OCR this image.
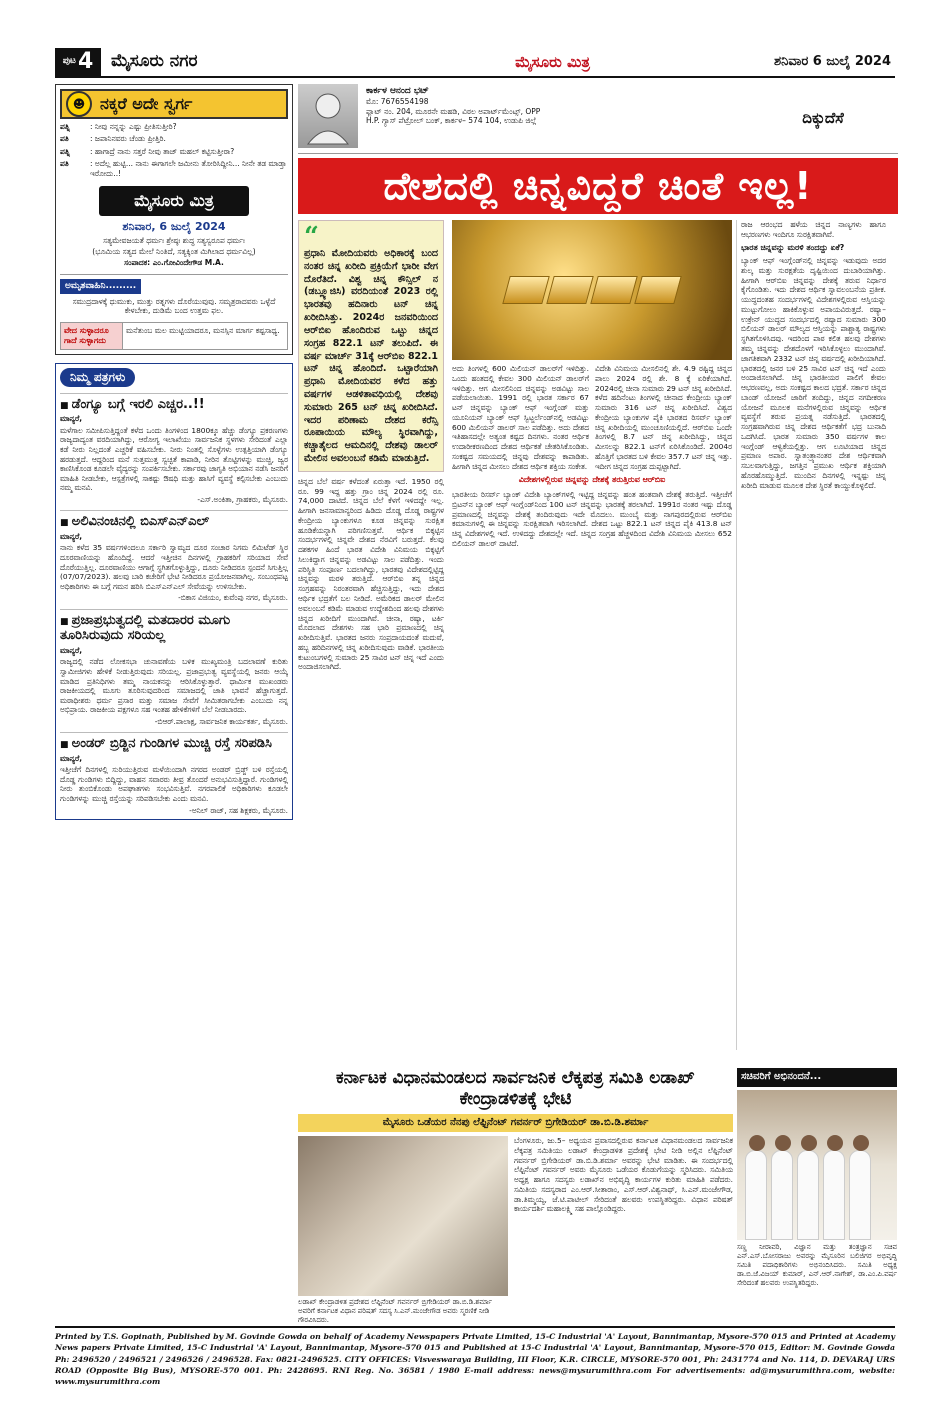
ಪುಟ 4 ಮೈಸೂರು ನಗರ	ಮೈಸೂರು ಮಿತ್ರ	ಶನಿವಾರ 6 ಜುಲೈ 2024
☻ ನಕ್ಕರೆ ಅದೇ ಸ್ವರ್ಗ
ಪತ್ನಿ	: ನೀವು ನನ್ನನ್ನು ಎಷ್ಟು ಪ್ರೀತಿಸುತ್ತೀರಿ?
ಪತಿ	: ಜಪಾನಿನವರು ಚೆಂಡು ಪ್ರೀತ್ತಿರಿ.
ಪತ್ನಿ	: ಹಾಗಾದ್ರೆ ನಾನು ಸತ್ತರೆ ನೀವು ತಾಜ್ ಮಹಲ್ ಕಟ್ಟಿಸುತ್ತೀರಾ?
ಪತಿ	: ಅದೆಲ್ಲ ಹುಟ್ಟಿ... ನಾನು ಈಗಾಗಲೇ ಜಮೀನು ತೋರಿಸಿದ್ದೀನಿ... ನೀನೇ ತಡ ಮಾಡ್ತಾ ಇರೋದು..!
ಮೈಸೂರು ಮಿತ್ರ
ಶನಿವಾರ, 6 ಜುಲೈ 2024
ಸತ್ಯಮೇವಜಯತೆ ಧರ್ಮಃ ಶ್ರೇಷ್ಠಃ ಶುದ್ಧ ಸತ್ಯಸ್ವರೂಪ ಧರ್ಮಃ
(ಭೂಮಿಯ ಸತ್ಯದ ಮೇಲೆ ನಿಂತಿದೆ, ಸತ್ಯಕ್ಕಿಂತ ಮಿಗಿಲಾದ ಧರ್ಮವಿಲ್ಲ)
ಸಂಪಾದಕ: ಎಂ.ಗೋವಿಂದೇಗೌಡ M.A.
ಅಮೃತವಾಹಿನಿ.........
ಸಮುದ್ರದಾಳಕ್ಕೆ ಧುಮುಕು, ಮುತ್ತು ರತ್ನಗಳು ದೊರೆಯುವುವು. ಸಮೃತ್ರರಾದವರು ಒಳ್ಳೆದೆ ಕೇಳಬೇಕು, ದುಡಿಮೆ ಬಂದ ಉತ್ತಮ ಫಲ.
ವೇದ ಸುಳ್ಳಾದರೂ ಗಾದೆ ಸುಳ್ಳಾಗದು
ಮನೆತುಂಬ ಮಲ ಮುಟ್ಟಿಯಾದರೂ, ಮನಸ್ಸಿನ ಮಾರ್ಗ ಕಷ್ಟಸಾಧ್ಯ.
ನಿಮ್ಮ ಪತ್ರಗಳು
■ ಡೆಂಗ್ಯೂ ಬಗ್ಗೆ ಇರಲಿ ಎಚ್ಚರ..!!
ಮಾನ್ಯರೆ,
ಮಳೆಗಾಲ ಸಮೀಪಿಸುತ್ತಿದ್ದಂತೆ ಕಳೆದ ಒಂದು ತಿಂಗಳಿಂದ 1800ಕ್ಕೂ ಹೆಚ್ಚು ಡೆಂಗ್ಯೂ ಪ್ರಕರಣಗಳು ರಾಜ್ಯದಾದ್ಯಂತ ವರದಿಯಾಗಿದ್ದು, ಆರೋಗ್ಯ ಇಲಾಖೆಯು ಸಾರ್ವಜನಿಕ ಸ್ಥಳಗಳು ಸೇರಿದಂತೆ ಎಲ್ಲಾ ಕಡೆ ನೀರು ನಿಲ್ಲದಂತೆ ಎಚ್ಚರಿಕೆ ವಹಿಸಬೇಕು. ನೀರು ನಿಂತಲ್ಲಿ ಸೊಳ್ಳೆಗಳು ಉತ್ಪತ್ತಿಯಾಗಿ ಡೆಂಗ್ಯೂ ಹರಡುತ್ತದೆ. ಆದ್ದರಿಂದ ಮನೆ ಸುತ್ತಮುತ್ತ ಸ್ವಚ್ಛತೆ ಕಾಪಾಡಿ, ನೀರಿನ ತೊಟ್ಟಿಗಳನ್ನು ಮುಚ್ಚಿ, ಜ್ವರ ಕಾಣಿಸಿಕೊಂಡ ಕೂಡಲೇ ವೈದ್ಯರನ್ನು ಸಂಪರ್ಕಿಸಬೇಕು. ಸರ್ಕಾರವು ಜಾಗೃತಿ ಅಭಿಯಾನ ನಡೆಸಿ ಜನರಿಗೆ ಮಾಹಿತಿ ನೀಡಬೇಕು, ಆಸ್ಪತ್ರೆಗಳಲ್ಲಿ ಸಾಕಷ್ಟು ಔಷಧಿ ಮತ್ತು ಹಾಸಿಗೆ ವ್ಯವಸ್ಥೆ ಕಲ್ಪಿಸಬೇಕು ಎಂಬುದು ನಮ್ಮ ಮನವಿ.
-ಎಸ್.ಅಂಕಿತಾ, ಗ್ರಾಹಕರು, ಮೈಸೂರು.
■ ಅಲಿವಿನಂಚಿನಲ್ಲಿ ಬಿಎಸ್‌ಎನ್‌ಎಲ್
ಮಾನ್ಯರೆ,
ನಾನು ಕಳೆದ 35 ವರ್ಷಗಳಿಂದಲೂ ಸರ್ಕಾರಿ ಸ್ವಾಮ್ಯದ ದೂರ ಸಂಚಾರ ನಿಗಮ ಲಿಮಿಟೆಡ್ ಸ್ಥಿರ ದೂರವಾಣಿಯನ್ನು ಹೊಂದಿದ್ದೆ. ಆದರೆ ಇತ್ತೀಚಿನ ದಿನಗಳಲ್ಲಿ ಗ್ರಾಹಕರಿಗೆ ಸರಿಯಾದ ಸೇವೆ ದೊರೆಯುತ್ತಿಲ್ಲ. ದೂರವಾಣಿಯು ಆಗಾಗ್ಗೆ ಸ್ಥಗಿತಗೊಳ್ಳುತ್ತಿದ್ದು, ದೂರು ನೀಡಿದರೂ ಸ್ಪಂದನೆ ಸಿಗುತ್ತಿಲ್ಲ (07/07/2023). ಹಲವು ಬಾರಿ ಕಚೇರಿಗೆ ಭೇಟಿ ನೀಡಿದರೂ ಪ್ರಯೋಜನವಾಗಿಲ್ಲ. ಸಂಬಂಧಪಟ್ಟ ಅಧಿಕಾರಿಗಳು ಈ ಬಗ್ಗೆ ಗಮನ ಹರಿಸಿ ಬಿಎಸ್‌ಎನ್‌ಎಲ್ ಸೇವೆಯನ್ನು ಉಳಿಸಬೇಕು.
-ಬಿಕಾಸ ವಿಜಿಯಂ, ಕುವೆಂಪು ನಗರ, ಮೈಸೂರು.
■ ಪ್ರಜಾಪ್ರಭುತ್ವದಲ್ಲಿ ಮತದಾರರ ಮೂಗು ತೂರಿಸಿರುವುದು ಸರಿಯಲ್ಲ
ಮಾನ್ಯರೆ,
ರಾಜ್ಯದಲ್ಲಿ ನಡೆದ ಲೋಕಸಭಾ ಚುನಾವಣೆಯ ಬಳಿಕ ಮುಖ್ಯಮಂತ್ರಿ ಬದಲಾವಣೆ ಕುರಿತು ಸ್ವಾಮೀಜಿಗಳು ಹೇಳಿಕೆ ನೀಡುತ್ತಿರುವುದು ಸರಿಯಲ್ಲ. ಪ್ರಜಾಪ್ರಭುತ್ವ ವ್ಯವಸ್ಥೆಯಲ್ಲಿ ಜನರು ಆಯ್ಕೆ ಮಾಡಿದ ಪ್ರತಿನಿಧಿಗಳು ತಮ್ಮ ನಾಯಕನನ್ನು ಆರಿಸಿಕೊಳ್ಳುತ್ತಾರೆ. ಧಾರ್ಮಿಕ ಮುಖಂಡರು ರಾಜಕೀಯದಲ್ಲಿ ಮೂಗು ತೂರಿಸುವುದರಿಂದ ಸಮಾಜದಲ್ಲಿ ಜಾತಿ ಭಾವನೆ ಹೆಚ್ಚಾಗುತ್ತದೆ. ಮಠಾಧೀಶರು ಧರ್ಮ ಪ್ರಸಾರ ಮತ್ತು ಸಮಾಜ ಸೇವೆಗೆ ಸೀಮಿತರಾಗಬೇಕು ಎಂಬುದು ನನ್ನ ಅಭಿಪ್ರಾಯ. ರಾಜಕೀಯ ಪಕ್ಷಗಳೂ ಸಹ ಇಂತಹ ಹೇಳಿಕೆಗಳಿಗೆ ಬೆಲೆ ನೀಡಬಾರದು.
-ಬಿಆರ್.ಪಾಲಾಕ್ಷ, ಸಾರ್ವಜನಿಕ ಕಾರ್ಯಕರ್ತ, ಮೈಸೂರು.
■ ಅಂಡರ್ ಬ್ರಿಡ್ಜಿನ ಗುಂಡಿಗಳ ಮುಚ್ಚಿ ರಸ್ತೆ ಸರಿಪಡಿಸಿ
ಮಾನ್ಯರೆ,
ಇತ್ತೀಚೆಗೆ ದಿನಗಳಲ್ಲಿ ಸುರಿಯುತ್ತಿರುವ ಮಳೆಯಿಂದಾಗಿ ನಗರದ ಅಂಡರ್ ಬ್ರಿಡ್ಜ್ ಬಳಿ ರಸ್ತೆಯಲ್ಲಿ ದೊಡ್ಡ ಗುಂಡಿಗಳು ಬಿದ್ದಿದ್ದು, ವಾಹನ ಸವಾರರು ತೀವ್ರ ತೊಂದರೆ ಅನುಭವಿಸುತ್ತಿದ್ದಾರೆ. ಗುಂಡಿಗಳಲ್ಲಿ ನೀರು ತುಂಬಿಕೊಂಡು ಅಪಘಾತಗಳು ಸಂಭವಿಸುತ್ತಿವೆ. ನಗರಪಾಲಿಕೆ ಅಧಿಕಾರಿಗಳು ಕೂಡಲೇ ಗುಂಡಿಗಳನ್ನು ಮುಚ್ಚಿ ರಸ್ತೆಯನ್ನು ಸರಿಪಡಿಸಬೇಕು ಎಂದು ಮನವಿ.
-ಅನಿಲ್ ರಾಜ್, ಸಹ ಶಿಕ್ಷಕರು, ಮೈಸೂರು.
ಕಾರ್ಕಳ ಆನಂದ ಭಟ್
ಮೊ: 7676554198
ಫ್ಲಾಟ್ ನಂ. 204, ಮೂರನೇ ಮಹಡಿ, ವಿಠಲ ಅಪಾರ್ಟ್‌ಮೆಂಟ್ಸ್, OPP
H.P. ಗ್ಯಾಸ್ ಪೆಟ್ರೋಲ್ ಬಂಕ್, ಕಾರ್ಕಳ– 574 104, ಉಡುಪಿ ಜಿಲ್ಲೆ	ದಿಕ್ಕುದೆಸೆ
ದೇಶದಲ್ಲಿ ಚಿನ್ನವಿದ್ದರೆ ಚಿಂತೆ ಇಲ್ಲ!
“
ಪ್ರಧಾನಿ ಮೋದಿಯವರು ಅಧಿಕಾರಕ್ಕೆ ಬಂದ ನಂತರ ಚಿನ್ನ ಖರೀದಿ ಪ್ರಕ್ರಿಯೆಗೆ ಭಾರೀ ವೇಗ ದೊರೆತಿದೆ. ವಿಶ್ವ ಚಿನ್ನ ಕೌನ್ಸಿಲ್ ನ (ಡಬ್ಲ್ಯೂಜಿಸಿ) ವರದಿಯಂತೆ 2023 ರಲ್ಲಿ ಭಾರತವು ಹದಿನಾರು ಟನ್ ಚಿನ್ನ ಖರೀದಿಸಿತ್ತು. 2024ರ ಜನವರಿಯಿಂದ ಆರ್‌ಬಿಐ ಹೊಂದಿರುವ ಒಟ್ಟು ಚಿನ್ನದ ಸಂಗ್ರಹ 822.1 ಟನ್ ತಲುಪಿದೆ. ಈ ವರ್ಷ ಮಾರ್ಚ್ 31ಕ್ಕೆ ಆರ್‌ಬಿಐ 822.1 ಟನ್ ಚಿನ್ನ ಹೊಂದಿದೆ. ಒಟ್ಟಾರೆಯಾಗಿ ಪ್ರಧಾನಿ ಮೋದಿಯವರ ಕಳೆದ ಹತ್ತು ವರ್ಷಗಳ ಆಡಳಿತಾವಧಿಯಲ್ಲಿ ದೇಶವು ಸುಮಾರು 265 ಟನ್ ಚಿನ್ನ ಖರೀದಿಸಿದೆ. ಇದರ ಪರಿಣಾಮ ದೇಶದ ಕರೆನ್ಸಿ ರೂಪಾಯಿಯ ಮೌಲ್ಯ ಸ್ಥಿರವಾಗಿದ್ದು, ಕಚ್ಚಾತೈಲದ ಆಮದಿನಲ್ಲಿ ದೇಶವು ಡಾಲರ್ ಮೇಲಿನ ಅವಲಂಬನೆ ಕಡಿಮೆ ಮಾಡುತ್ತಿದೆ.

ಚಿನ್ನದ ಬೆಲೆ ವರ್ಷ ಕಳೆದಂತೆ ಏರುತ್ತಾ ಇದೆ. 1950 ರಲ್ಲಿ ರೂ. 99 ಇದ್ದ ಹತ್ತು ಗ್ರಾಂ ಚಿನ್ನ 2024 ರಲ್ಲಿ ರೂ. 74,000 ದಾಟಿದೆ. ಚಿನ್ನದ ಬೆಲೆ ಕೆಳಗೆ ಇಳಿದದ್ದೇ ಇಲ್ಲ. ಹೀಗಾಗಿ ಜನಸಾಮಾನ್ಯರಿಂದ ಹಿಡಿದು ದೊಡ್ಡ ದೊಡ್ಡ ರಾಷ್ಟ್ರಗಳ ಕೇಂದ್ರೀಯ ಬ್ಯಾಂಕುಗಳೂ ಕೂಡ ಚಿನ್ನವನ್ನು ಸುರಕ್ಷಿತ ಹೂಡಿಕೆಯನ್ನಾಗಿ ಪರಿಗಣಿಸುತ್ತವೆ. ಆರ್ಥಿಕ ಬಿಕ್ಕಟ್ಟಿನ ಸಂದರ್ಭಗಳಲ್ಲಿ ಚಿನ್ನವೇ ದೇಶದ ನೆರವಿಗೆ ಬರುತ್ತದೆ. ಕೆಲವು ದಶಕಗಳ ಹಿಂದೆ ಭಾರತ ವಿದೇಶಿ ವಿನಿಮಯ ಬಿಕ್ಕಟ್ಟಿಗೆ ಸಿಲುಕಿದ್ದಾಗ ಚಿನ್ನವನ್ನು ಅಡವಿಟ್ಟು ಸಾಲ ಪಡೆದಿತ್ತು. ಇಂದು ಪರಿಸ್ಥಿತಿ ಸಂಪೂರ್ಣ ಬದಲಾಗಿದ್ದು, ಭಾರತವು ವಿದೇಶದಲ್ಲಿಟ್ಟಿದ್ದ ಚಿನ್ನವನ್ನು ಮರಳಿ ತರುತ್ತಿದೆ. ಆರ್‌ಬಿಐ ತನ್ನ ಚಿನ್ನದ ಸಂಗ್ರಹವನ್ನು ನಿರಂತರವಾಗಿ ಹೆಚ್ಚಿಸುತ್ತಿದ್ದು, ಇದು ದೇಶದ ಆರ್ಥಿಕ ಭದ್ರತೆಗೆ ಬಲ ನೀಡಿದೆ. ಅಮೆರಿಕದ ಡಾಲರ್ ಮೇಲಿನ ಅವಲಂಬನೆ ಕಡಿಮೆ ಮಾಡುವ ಉದ್ದೇಶದಿಂದ ಹಲವು ದೇಶಗಳು ಚಿನ್ನದ ಖರೀದಿಗೆ ಮುಂದಾಗಿವೆ. ಚೀನಾ, ರಷ್ಯಾ, ಟರ್ಕಿ ಮೊದಲಾದ ದೇಶಗಳು ಸಹ ಭಾರಿ ಪ್ರಮಾಣದಲ್ಲಿ ಚಿನ್ನ ಖರೀದಿಸುತ್ತಿವೆ. ಭಾರತದ ಜನರು ಸಂಪ್ರದಾಯದಂತೆ ಮದುವೆ, ಹಬ್ಬ ಹರಿದಿನಗಳಲ್ಲಿ ಚಿನ್ನ ಖರೀದಿಸುವುದು ವಾಡಿಕೆ. ಭಾರತೀಯ ಕುಟುಂಬಗಳಲ್ಲಿ ಸುಮಾರು 25 ಸಾವಿರ ಟನ್ ಚಿನ್ನ ಇದೆ ಎಂದು ಅಂದಾಜಿಸಲಾಗಿದೆ.

ಅದು ತಿಂಗಳಲ್ಲಿ 600 ಮಿಲಿಯನ್ ಡಾಲರ್‌ಗೆ ಇಳಿದಿತ್ತು. ಒಂದು ಹಂತದಲ್ಲಿ ಕೇವಲ 300 ಮಿಲಿಯನ್ ಡಾಲರ್‌ಗೆ ಇಳಿದಿತ್ತು. ಆಗ ಮೀಸಲಿನಿಂದ ಚಿನ್ನವನ್ನು ಅಡವಿಟ್ಟು ಸಾಲ ಪಡೆಯಲಾಯಿತು. 1991 ರಲ್ಲಿ ಭಾರತ ಸರ್ಕಾರ 67 ಟನ್ ಚಿನ್ನವನ್ನು ಬ್ಯಾಂಕ್ ಆಫ್ ಇಂಗ್ಲೆಂಡ್ ಮತ್ತು ಯೂನಿಯನ್ ಬ್ಯಾಂಕ್ ಆಫ್ ಸ್ವಿಟ್ಜರ್ಲೆಂಡ್‌ನಲ್ಲಿ ಅಡವಿಟ್ಟು 600 ಮಿಲಿಯನ್ ಡಾಲರ್ ಸಾಲ ಪಡೆದಿತ್ತು. ಅದು ದೇಶದ ಇತಿಹಾಸದಲ್ಲೇ ಅತ್ಯಂತ ಕಷ್ಟದ ದಿನಗಳು. ನಂತರ ಆರ್ಥಿಕ ಉದಾರೀಕರಣದಿಂದ ದೇಶದ ಆರ್ಥಿಕತೆ ಚೇತರಿಸಿಕೊಂಡಿತು. ಸಂಕಷ್ಟದ ಸಮಯದಲ್ಲಿ ಚಿನ್ನವು ದೇಶವನ್ನು ಕಾಪಾಡಿತು. ಹೀಗಾಗಿ ಚಿನ್ನದ ಮೀಸಲು ದೇಶದ ಆರ್ಥಿಕ ಶಕ್ತಿಯ ಸಂಕೇತ.

ವಿದೇಶಿ ವಿನಿಮಯ ಮೀಸಲಿನಲ್ಲಿ ಶೇ. 4.9 ರಷ್ಟಿದ್ದ ಚಿನ್ನದ ಪಾಲು 2024 ರಲ್ಲಿ ಶೇ. 8 ಕ್ಕೆ ಏರಿಕೆಯಾಗಿದೆ. 2024ರಲ್ಲಿ ಚೀನಾ ಸುಮಾರು 29 ಟನ್ ಚಿನ್ನ ಖರೀದಿಸಿದೆ. ಕಳೆದ ಹದಿನೆಂಟು ತಿಂಗಳಲ್ಲಿ ಚೀನಾದ ಕೇಂದ್ರೀಯ ಬ್ಯಾಂಕ್ ಸುಮಾರು 316 ಟನ್ ಚಿನ್ನ ಖರೀದಿಸಿದೆ. ವಿಶ್ವದ ಕೇಂದ್ರೀಯ ಬ್ಯಾಂಕುಗಳ ಪೈಕಿ ಭಾರತದ ರಿಸರ್ವ್ ಬ್ಯಾಂಕ್ ಚಿನ್ನ ಖರೀದಿಯಲ್ಲಿ ಮುಂಚೂಣಿಯಲ್ಲಿದೆ. ಆರ್‌ಬಿಐ ಒಂದೇ ತಿಂಗಳಲ್ಲಿ 8.7 ಟನ್ ಚಿನ್ನ ಖರೀದಿಸಿದ್ದು, ಚಿನ್ನದ ಮೀಸಲನ್ನು 822.1 ಟನ್‌ಗೆ ಏರಿಸಿಕೊಂಡಿದೆ. 2004ರ ಹೊತ್ತಿಗೆ ಭಾರತದ ಬಳಿ ಕೇವಲ 357.7 ಟನ್ ಚಿನ್ನ ಇತ್ತು. ಇದೀಗ ಚಿನ್ನದ ಸಂಗ್ರಹ ದುಪ್ಪಟ್ಟಾಗಿದೆ.

ವಿದೇಶಗಳಲ್ಲಿರುವ ಚಿನ್ನವನ್ನು ದೇಶಕ್ಕೆ ತರುತ್ತಿರುವ ಆರ್‌ಬಿಐ

ಭಾರತೀಯ ರಿಸರ್ವ್ ಬ್ಯಾಂಕ್ ವಿದೇಶಿ ಬ್ಯಾಂಕ್‌ಗಳಲ್ಲಿ ಇಟ್ಟಿದ್ದ ಚಿನ್ನವನ್ನು ಹಂತ ಹಂತವಾಗಿ ದೇಶಕ್ಕೆ ತರುತ್ತಿದೆ. ಇತ್ತೀಚೆಗೆ ಬ್ರಿಟನ್‌ನ ಬ್ಯಾಂಕ್ ಆಫ್ ಇಂಗ್ಲೆಂಡ್‌ನಿಂದ 100 ಟನ್ ಚಿನ್ನವನ್ನು ಭಾರತಕ್ಕೆ ತರಲಾಗಿದೆ. 1991ರ ನಂತರ ಇಷ್ಟು ದೊಡ್ಡ ಪ್ರಮಾಣದಲ್ಲಿ ಚಿನ್ನವನ್ನು ದೇಶಕ್ಕೆ ತಂದಿರುವುದು ಇದೇ ಮೊದಲು. ಮುಂಬೈ ಮತ್ತು ನಾಗಪುರದಲ್ಲಿರುವ ಆರ್‌ಬಿಐ ಕಮಾನುಗಳಲ್ಲಿ ಈ ಚಿನ್ನವನ್ನು ಸುರಕ್ಷಿತವಾಗಿ ಇರಿಸಲಾಗಿದೆ. ದೇಶದ ಒಟ್ಟು 822.1 ಟನ್ ಚಿನ್ನದ ಪೈಕಿ 413.8 ಟನ್ ಚಿನ್ನ ವಿದೇಶಗಳಲ್ಲಿ ಇದೆ. ಉಳಿದದ್ದು ದೇಶದಲ್ಲೇ ಇದೆ. ಚಿನ್ನದ ಸಂಗ್ರಹ ಹೆಚ್ಚಳದಿಂದ ವಿದೇಶಿ ವಿನಿಮಯ ಮೀಸಲು 652 ಬಿಲಿಯನ್ ಡಾಲರ್ ದಾಟಿದೆ.

ರಾಜ ಆರಂಭದ ಹಳೆಯ ಚಿನ್ನದ ನಾಣ್ಯಗಳು ಹಾಗೂ ಆಭರಣಗಳು ಇಂದಿಗೂ ಸುರಕ್ಷಿತವಾಗಿವೆ.

ಭಾರತ ಚಿನ್ನವನ್ನು ಮರಳಿ ತಂದದ್ದು ಏಕೆ?

ಬ್ಯಾಂಕ್ ಆಫ್ ಇಂಗ್ಲೆಂಡ್‌ನಲ್ಲಿ ಚಿನ್ನವನ್ನು ಇಡುವುದು ಅದರ ಶುಲ್ಕ ಮತ್ತು ಸುರಕ್ಷತೆಯ ದೃಷ್ಟಿಯಿಂದ ದುಬಾರಿಯಾಗಿತ್ತು. ಹೀಗಾಗಿ ಆರ್‌ಬಿಐ ಚಿನ್ನವನ್ನು ದೇಶಕ್ಕೆ ತರುವ ನಿರ್ಧಾರ ಕೈಗೊಂಡಿತು. ಇದು ದೇಶದ ಆರ್ಥಿಕ ಸ್ವಾವಲಂಬನೆಯ ಪ್ರತೀಕ. ಯುದ್ಧದಂತಹ ಸಂದರ್ಭಗಳಲ್ಲಿ ವಿದೇಶಗಳಲ್ಲಿರುವ ಆಸ್ತಿಯನ್ನು ಮುಟ್ಟುಗೋಲು ಹಾಕಿಕೊಳ್ಳುವ ಅಪಾಯವಿರುತ್ತದೆ. ರಷ್ಯಾ–ಉಕ್ರೇನ್ ಯುದ್ಧದ ಸಂದರ್ಭದಲ್ಲಿ ರಷ್ಯಾದ ಸುಮಾರು 300 ಬಿಲಿಯನ್ ಡಾಲರ್ ಮೌಲ್ಯದ ಆಸ್ತಿಯನ್ನು ಪಾಶ್ಚಾತ್ಯ ರಾಷ್ಟ್ರಗಳು ಸ್ಥಗಿತಗೊಳಿಸಿದವು. ಇದರಿಂದ ಪಾಠ ಕಲಿತ ಹಲವು ದೇಶಗಳು ತಮ್ಮ ಚಿನ್ನವನ್ನು ದೇಶದೊಳಗೆ ಇರಿಸಿಕೊಳ್ಳಲು ಮುಂದಾಗಿವೆ. ಜಾಗತಿಕವಾಗಿ 2332 ಟನ್ ಚಿನ್ನ ವರ್ಷದಲ್ಲಿ ಖರೀದಿಯಾಗಿದೆ. ಭಾರತದಲ್ಲಿ ಜನರ ಬಳಿ 25 ಸಾವಿರ ಟನ್ ಚಿನ್ನ ಇದೆ ಎಂದು ಅಂದಾಜಿಸಲಾಗಿದೆ. ಚಿನ್ನ ಭಾರತೀಯರ ಪಾಲಿಗೆ ಕೇವಲ ಆಭರಣವಲ್ಲ, ಅದು ಸಂಕಷ್ಟದ ಕಾಲದ ಭದ್ರತೆ. ಸರ್ಕಾರ ಚಿನ್ನದ ಬಾಂಡ್ ಯೋಜನೆ ಜಾರಿಗೆ ತಂದಿದ್ದು, ಚಿನ್ನದ ನಗದೀಕರಣ ಯೋಜನೆ ಮೂಲಕ ಮನೆಗಳಲ್ಲಿರುವ ಚಿನ್ನವನ್ನು ಆರ್ಥಿಕ ವ್ಯವಸ್ಥೆಗೆ ತರುವ ಪ್ರಯತ್ನ ನಡೆಸುತ್ತಿದೆ. ಭಾರತದಲ್ಲಿ ಸಂಗ್ರಹವಾಗಿರುವ ಚಿನ್ನ ದೇಶದ ಆರ್ಥಿಕತೆಗೆ ಭದ್ರ ಬುನಾದಿ ಒದಗಿಸಿದೆ. ಭಾರತ ಸುಮಾರು 350 ವರ್ಷಗಳ ಕಾಲ ಇಂಗ್ಲೆಂಡ್ ಆಳ್ವಿಕೆಯಲ್ಲಿತ್ತು. ಆಗ ಲೂಟಿಯಾದ ಚಿನ್ನದ ಪ್ರಮಾಣ ಅಪಾರ. ಸ್ವಾತಂತ್ರ್ಯಾನಂತರ ದೇಶ ಆರ್ಥಿಕವಾಗಿ ಸಬಲವಾಗುತ್ತಿದ್ದು, ಜಗತ್ತಿನ ಪ್ರಮುಖ ಆರ್ಥಿಕ ಶಕ್ತಿಯಾಗಿ ಹೊರಹೊಮ್ಮುತ್ತಿದೆ. ಮುಂದಿನ ದಿನಗಳಲ್ಲಿ ಇನ್ನಷ್ಟು ಚಿನ್ನ ಖರೀದಿ ಮಾಡುವ ಮೂಲಕ ದೇಶ ಸ್ಥಿರತೆ ಕಾಯ್ದುಕೊಳ್ಳಲಿದೆ.

ಕರ್ನಾಟಕ ವಿಧಾನಮಂಡಲದ ಸಾರ್ವಜನಿಕ ಲೆಕ್ಕಪತ್ರ ಸಮಿತಿ ಲಡಾಖ್ ಕೇಂದ್ರಾಡಳಿತಕ್ಕೆ ಭೇಟಿ
ಮೈಸೂರು ಒಡೆಯರ ನೆನಪು ಲೆಫ್ಟಿನೆಂಟ್ ಗವರ್ನರ್ ಬ್ರಿಗೇಡಿಯರ್ ಡಾ.ಬಿ.ಡಿ.ಶರ್ಮಾ
ಲಡಾಖ್ ಕೇಂದ್ರಾಡಳಿತ ಪ್ರದೇಶದ ಲೆಫ್ಟಿನೆಂಟ್ ಗವರ್ನರ್ ಬ್ರಿಗೇಡಿಯರ್ ಡಾ.ಬಿ.ಡಿ.ಶರ್ಮಾ ಅವರಿಗೆ ಕರ್ನಾಟಕ ವಿಧಾನ ಪರಿಷತ್ ಸದಸ್ಯ ಸಿ.ಎನ್.ಮಂಜೇಗೌಡ ಅವರು ಸ್ಮರಣಿಕೆ ನೀಡಿ ಗೌರವಿಸಿದರು.
ಬೆಂಗಳೂರು, ಜು.5– ಅಧ್ಯಯನ ಪ್ರವಾಸದಲ್ಲಿರುವ ಕರ್ನಾಟಕ ವಿಧಾನಮಂಡಲದ ಸಾರ್ವಜನಿಕ ಲೆಕ್ಕಪತ್ರ ಸಮಿತಿಯು ಲಡಾಖ್ ಕೇಂದ್ರಾಡಳಿತ ಪ್ರದೇಶಕ್ಕೆ ಭೇಟಿ ನೀಡಿ ಅಲ್ಲಿನ ಲೆಫ್ಟಿನೆಂಟ್ ಗವರ್ನರ್ ಬ್ರಿಗೇಡಿಯರ್ ಡಾ.ಬಿ.ಡಿ.ಶರ್ಮಾ ಅವರನ್ನು ಭೇಟಿ ಮಾಡಿತು. ಈ ಸಂದರ್ಭದಲ್ಲಿ ಲೆಫ್ಟಿನೆಂಟ್ ಗವರ್ನರ್ ಅವರು ಮೈಸೂರು ಒಡೆಯರ ಕೊಡುಗೆಯನ್ನು ಸ್ಮರಿಸಿದರು. ಸಮಿತಿಯ ಅಧ್ಯಕ್ಷ ಹಾಗೂ ಸದಸ್ಯರು ಲಡಾಖ್‌ನ ಅಭಿವೃದ್ಧಿ ಕಾರ್ಯಗಳ ಕುರಿತು ಮಾಹಿತಿ ಪಡೆದರು. ಸಮಿತಿಯ ಸದಸ್ಯರಾದ ಎಂ.ಆರ್.ಸೀತಾರಾಂ, ಎಸ್.ಆರ್.ವಿಶ್ವನಾಥ್, ಸಿ.ಎನ್.ಮಂಜೇಗೌಡ, ಡಾ.ತಿಮ್ಮಯ್ಯ, ಜೆ.ಟಿ.ಪಾಟೀಲ್ ಸೇರಿದಂತೆ ಹಲವರು ಉಪಸ್ಥಿತರಿದ್ದರು. ವಿಧಾನ ಪರಿಷತ್ ಕಾರ್ಯದರ್ಶಿ ಮಹಾಲಕ್ಷ್ಮಿ ಸಹ ಪಾಲ್ಗೊಂಡಿದ್ದರು.
ಸಚಿವರಿಗೆ ಅಭಿನಂದನೆ...
ಸಣ್ಣ ನೀರಾವರಿ, ವಿಜ್ಞಾನ ಮತ್ತು ತಂತ್ರಜ್ಞಾನ ಸಚಿವ ಎನ್.ಎಸ್.ಬೋಸರಾಜು ಅವರನ್ನು ಮೈಸೂರಿನ ಬಲಿಜಿಗರ ಅಭಿವೃದ್ಧಿ ಸಮಿತಿ ಪದಾಧಿಕಾರಿಗಳು ಅಭಿನಂದಿಸಿದರು. ಸಮಿತಿ ಅಧ್ಯಕ್ಷ ಡಾ.ಬಿ.ಜೆ.ವಿಜಯ್ ಕುಮಾರ್, ಎನ್.ಆರ್.ನಾಗೇಶ್, ಡಾ.ಎಂ.ಪಿ.ವರ್ಷ ಸೇರಿದಂತೆ ಹಲವರು ಉಪಸ್ಥಿತರಿದ್ದರು.
Printed by T.S. Gopinath, Published by M. Govinde Gowda on behalf of Academy Newspapers Private Limited, 15-C Industrial 'A' Layout, Bannimantap, Mysore-570 015 and Printed at Academy News papers Private Limited, 15-C Industrial 'A' Layout, Bannimantap, Mysore-570 015 and Published at 15-C Industrial 'A' Layout, Bannimantap, Mysore-570 015, Editor: M. Govinde Gowda Ph: 2496520 / 2496521 / 2496526 / 2496528. Fax: 0821-2496525. CITY OFFICES: Visveswaraya Building, III Floor, K.R. CIRCLE, MYSORE-570 001, Ph: 2431774 and No. 114, D. DEVARAJ URS ROAD (Opposite Big Bus), MYSORE-570 001. Ph: 2428695. RNI Reg. No. 36581 / 1980 E-mail address: news@mysurumithra.com For advertisements: ad@mysurumithra.com, website: www.mysurumithra.com
